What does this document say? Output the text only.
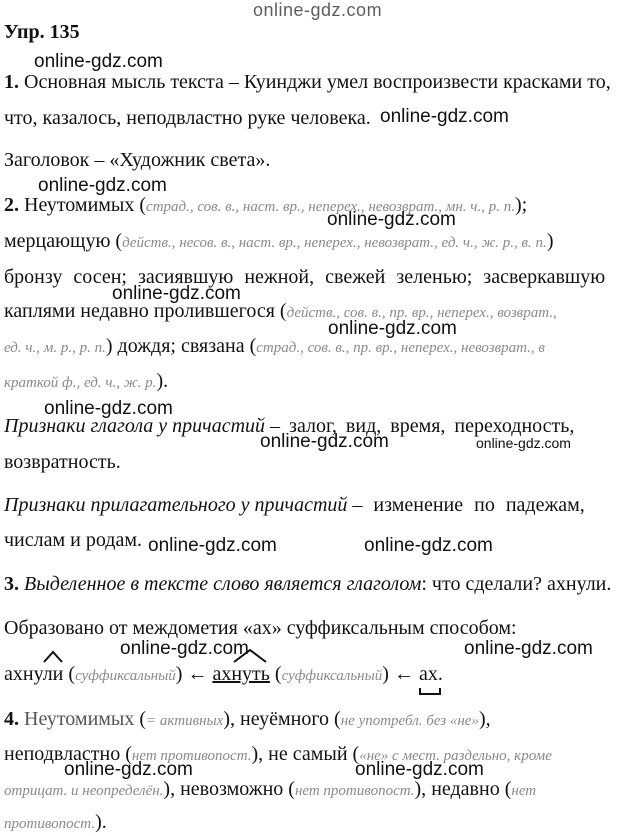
online-gdz.com
online-gdz.com
online-gdz.com
online-gdz.com
online-gdz.com
online-gdz.com
online-gdz.com
online-gdz.com
online-gdz.com	online-gdz.com
online-gdz.com	online-gdz.com
online-gdz.com	online-gdz.com
online-gdz.com	online-gdz.com
Упр. 135
1. Основная мысль текста – Куинджи умел воспроизвести красками то,
что, казалось, неподвластно руке человека.
Заголовок – «Художник света».
2. Неутомимых (страд., сов. в., наст. вр., неперех., невозврат., мн. ч., р. п.);
мерцающую (действ., несов. в., наст. вр., неперех., невозврат., ед. ч., ж. р., в. п.)
бронзу сосен; засиявшую нежной, свежей зеленью; засверкавшую
каплями недавно пролившегося (действ., сов. в., пр. вр., неперех., возврат.,
ед. ч., м. р., р. п.) дождя; связана (страд., сов. в., пр. вр., неперех., невозврат., в
краткой ф., ед. ч., ж. р.).
Признаки глагола у причастий – залог, вид, время, переходность,
возвратность.
Признаки прилагательного у причастий – изменение по падежам,
числам и родам.
3. Выделенное в тексте слово является глаголом: что сделали? ахнули.
Образовано от междометия «ах» суффиксальным способом:
ахнули (суффиксальный) ← ахнуть (суффиксальный) ← ах
.
4. Неутомимых (= активных), неуёмного (не употребл. без «не»),
неподвластно (нет противопост.), не самый («не» с мест. раздельно, кроме
отрицат. и неопределён.), невозможно (нет противопост.), недавно (нет
противопост.).
